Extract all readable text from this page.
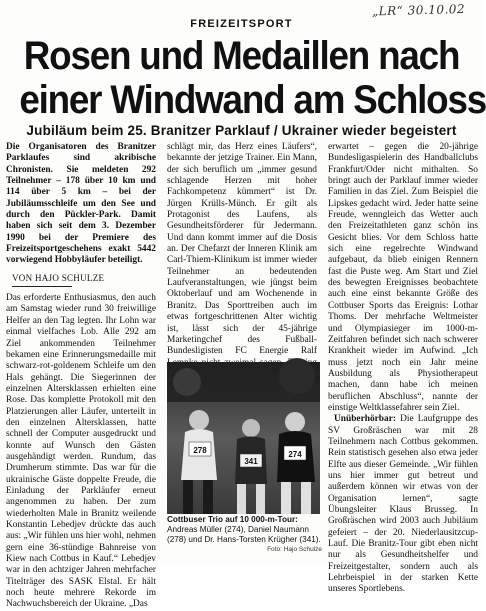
„LR“ 30.10.02
FREIZEITSPORT
Rosen und Medaillen nach
einer Windwand am Schloss
Jubiläum beim 25. Branitzer Parklauf / Ukrainer wieder begeistert

Die Organisatoren des Branitzer Parklaufes sind akribische Chronisten. Sie meldeten 292 Teilnehmer – 178 über 10 km und 114 über 5 km – bei der Jubiläumsschleife um den See und durch den Pückler-Park. Damit haben sich seit dem 3. Dezember 1990 bei der Premiere des Freizeitsportgeschehens exakt 5442 vorwiegend Hobbyläufer beteiligt.

VON HAJO SCHULZE

Das erforderte Enthusiasmus, den auch am Samstag wieder rund 30 freiwillige Helfer an den Tag legten. Ihr Lohn war einmal vielfaches Lob. Alle 292 am Ziel ankommenden Teilnehmer bekamen eine Erinnerungsmedaille mit schwarz-rot-goldenem Schleife um den Hals gehängt. Die Siegerinnen der einzelnen Altersklassen erhielten eine Rose. Das komplette Protokoll mit den Platzierungen aller Läufer, unterteilt in den einzelnen Altersklassen, hatte schnell der Computer ausgedruckt und konnte auf Wunsch den Gästen ausgehändigt werden. Rundum, das Drumherum stimmte. Das war für die ukrainische Gäste doppelte Freude, die Einladung der Parkläufer erneut angenommen zu haben. Der zum wiederholten Male in Branitz weilende Konstantin Lebedjev drückte das auch aus: „Wir fühlen uns hier wohl, nehmen gern eine 36-stündige Bahnreise von Kiew nach Cottbus in Kauf.“ Lebedjev war in den achtziger Jahren mehrfacher Titelträger des SASK Elstal. Er hält noch heute mehrere Rekorde im Nachwuchsbereich der Ukraine. „Das

schlägt mir, das Herz eines Läufers“, bekannte der jetzige Trainer. Ein Mann, der sich beruflich um „immer gesund schlagende Herzen mit hoher Fachkompetenz kümmert“ ist Dr. Jürgen Krülls-Münch. Er gilt als Protagonist des Laufens, als Gesundheitsförderer für Jedermann. Und dann kommt immer auf die Dosis an. Der Chefarzt der Inneren Klinik am Carl-Thiem-Klinikum ist immer wieder Teilnehmer an bedeutenden Laufveranstaltungen, wie jüngst beim Oktoberlauf und am Wochenende in Branitz. Das Sporttreiben auch im etwas fortgeschrittenen Alter wichtig ist, lässt sich der 45-jährige Marketingchef des Fußball-Bundesligisten FC Energie Ralf

278
341
274
Cottbuser Trio auf 10 000-m-Tour: Andreas Müller (274), Daniel Naumann (278) und Dr. Hans-Torsten Krügher (341).
Foto: Hajo Schulze

erwartet – gegen die 20-jährige Bundesligaspielerin des Handballclubs Frankfurt/Oder nicht mithalten. So bringt auch der Parklauf immer wieder Familien in das Ziel. Zum Beispiel die Lipskes gedacht wird. Jeder hatte seine Freude, wenngleich das Wetter auch den Freizeitathleten ganz schön ins Gesicht blies. Vor dem Schloss hatte sich eine regelrechte Windwand aufgebaut, da blieb einigen Rennern fast die Puste weg. Am Start und Ziel des bewegten Ereignisses beobachtete auch eine einst bekannte Größe des Cottbuser Sports das Ereignis: Lothar Thoms. Der mehrfache Weltmeister und Olympiasieger im 1000-m-Zeitfahren befindet sich nach schwerer Krankheit wieder im Aufwind. „Ich muss jetzt noch ein Jahr meine Ausbildung als Physiotherapeut machen, dann habe ich meinen beruflichen Abschluss“, nannte der einstige Weltklassefahrer sein Ziel.

Unüberhörbar: Die Laufgruppe des SV Großräschen war mit 28 Teilnehmern nach Cottbus gekommen. Rein statistisch gesehen also etwa jeder Elfte aus dieser Gemeinde. „Wir fühlen uns hier immer gut betreut und außerdem können wir etwas von der Organisation lernen“, sagte Übungsleiter Klaus Brusseg. In Großräschen wird 2003 auch Jubiläum gefeiert – der 20. Niederlausitzcup-Lauf. Die Branitz-Tour gibt eben nicht nur als Gesundheitshelfer und Freizeitgestalter, sondern auch als Lehrbeispiel in der starken Kette unseres Sportlebens.
